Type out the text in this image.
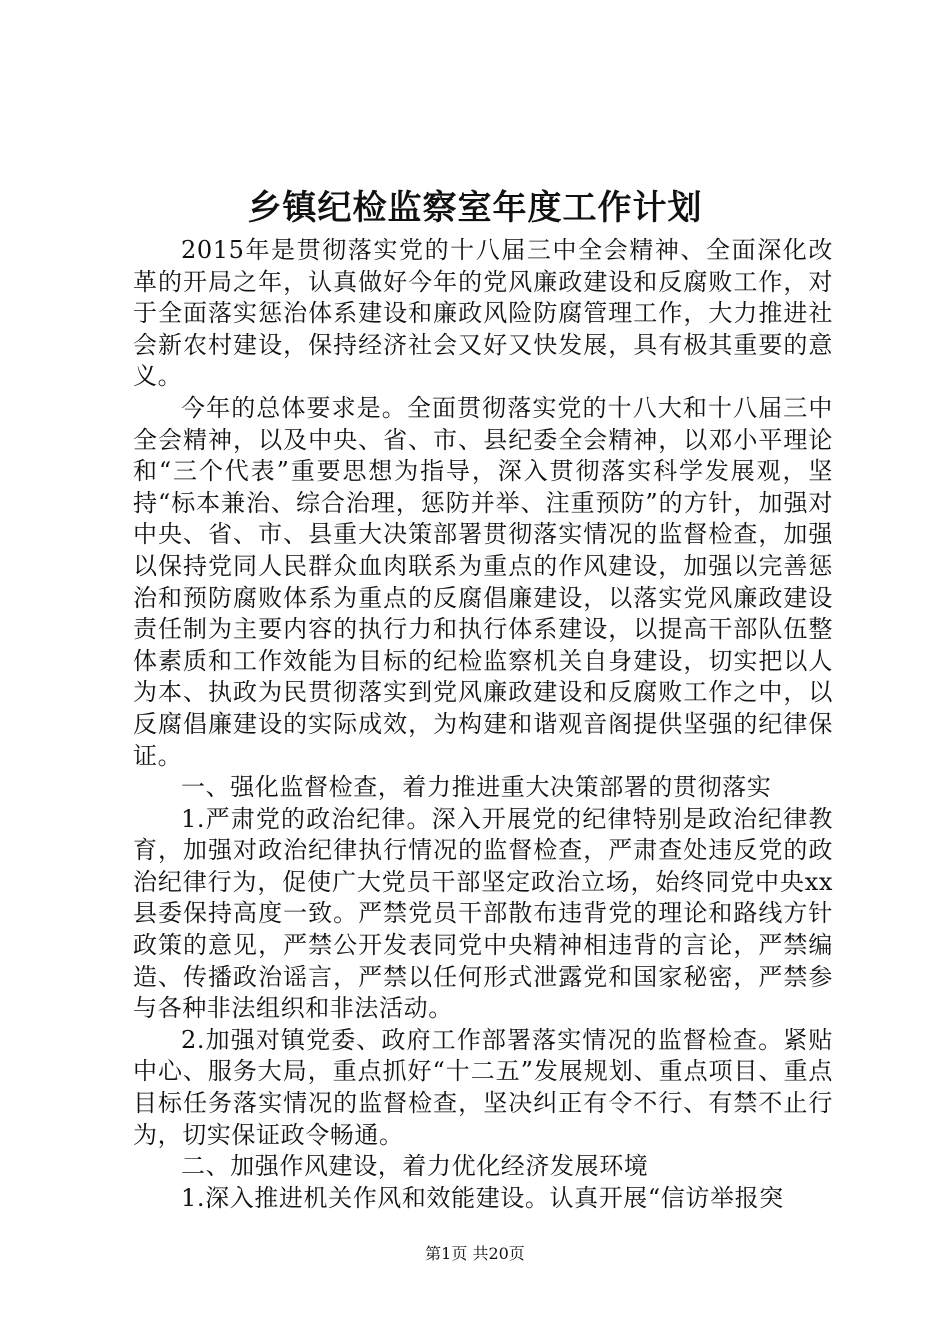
乡镇纪检监察室年度工作计划

2015年是贯彻落实党的十八届三中全会精神、全面深化改革的开局之年，认真做好今年的党风廉政建设和反腐败工作，对于全面落实惩治体系建设和廉政风险防腐管理工作，大力推进社会新农村建设，保持经济社会又好又快发展，具有极其重要的意义。

今年的总体要求是。全面贯彻落实党的十八大和十八届三中全会精神，以及中央、省、市、县纪委全会精神，以邓小平理论和“三个代表”重要思想为指导，深入贯彻落实科学发展观，坚持“标本兼治、综合治理，惩防并举、注重预防”的方针，加强对中央、省、市、县重大决策部署贯彻落实情况的监督检查，加强以保持党同人民群众血肉联系为重点的作风建设，加强以完善惩治和预防腐败体系为重点的反腐倡廉建设，以落实党风廉政建设责任制为主要内容的执行力和执行体系建设，以提高干部队伍整体素质和工作效能为目标的纪检监察机关自身建设，切实把以人为本、执政为民贯彻落实到党风廉政建设和反腐败工作之中，以反腐倡廉建设的实际成效，为构建和谐观音阁提供坚强的纪律保证。

一、强化监督检查，着力推进重大决策部署的贯彻落实

1.严肃党的政治纪律。深入开展党的纪律特别是政治纪律教育，加强对政治纪律执行情况的监督检查，严肃查处违反党的政治纪律行为，促使广大党员干部坚定政治立场，始终同党中央xx县委保持高度一致。严禁党员干部散布违背党的理论和路线方针政策的意见，严禁公开发表同党中央精神相违背的言论，严禁编造、传播政治谣言，严禁以任何形式泄露党和国家秘密，严禁参与各种非法组织和非法活动。

2.加强对镇党委、政府工作部署落实情况的监督检查。紧贴中心、服务大局，重点抓好“十二五”发展规划、重点项目、重点目标任务落实情况的监督检查，坚决纠正有令不行、有禁不止行为，切实保证政令畅通。

二、加强作风建设，着力优化经济发展环境

1.深入推进机关作风和效能建设。认真开展“信访举报突

第1页 共20页
